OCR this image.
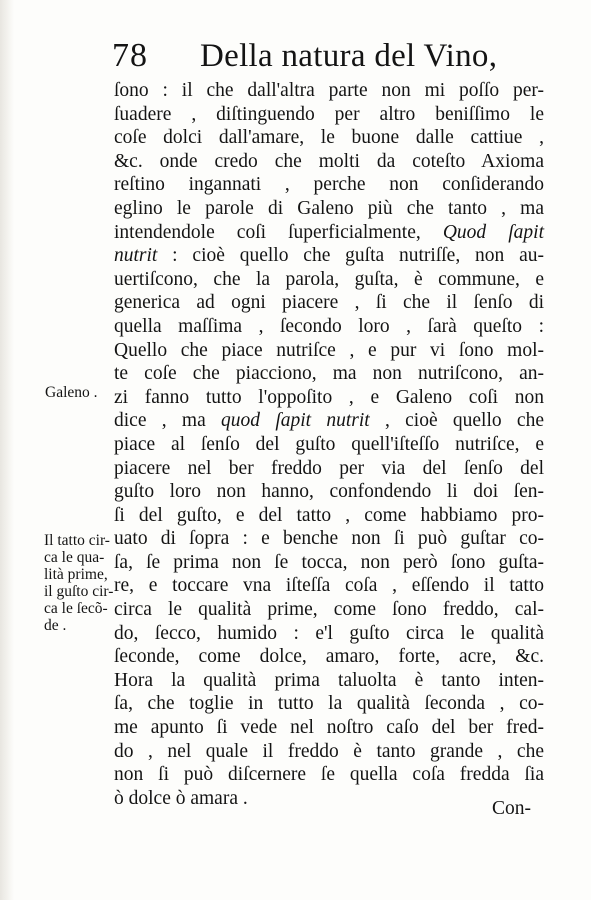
78 Della natura del Vino,
Galeno .
Il tatto cir-
ca le qua-
lità prime,
il guſto cir-
ca le ſecõ-
de .
ſono : il che dall'altra parte non mi poſſo per-
ſuadere , diſtinguendo per altro beniſſimo le
coſe dolci dall'amare, le buone dalle cattiue ,
&c. onde credo che molti da coteſto Axioma
reſtino ingannati , perche non conſiderando
eglino le parole di Galeno più che tanto , ma
intendendole coſi ſuperficialmente, Quod ſapit
nutrit : cioè quello che guſta nutriſſe, non au-
uertiſcono, che la parola, guſta, è commune, e
generica ad ogni piacere , ſi che il ſenſo di
quella maſſima , ſecondo loro , ſarà queſto :
Quello che piace nutriſce , e pur vi ſono mol-
te coſe che piacciono, ma non nutriſcono, an-
zi fanno tutto l'oppoſito , e Galeno coſi non
dice , ma quod ſapit nutrit , cioè quello che
piace al ſenſo del guſto quell'iſteſſo nutriſce, e
piacere nel ber freddo per via del ſenſo del
guſto loro non hanno, confondendo li doi ſen-
ſi del guſto, e del tatto , come habbiamo pro-
uato di ſopra : e benche non ſi può guſtar co-
ſa, ſe prima non ſe tocca, non però ſono guſta-
re, e toccare vna iſteſſa coſa , eſſendo il tatto
circa le qualità prime, come ſono freddo, cal-
do, ſecco, humido : e'l guſto circa le qualità
ſeconde, come dolce, amaro, forte, acre, &c.
Hora la qualità prima taluolta è tanto inten-
ſa, che toglie in tutto la qualità ſeconda , co-
me apunto ſi vede nel noſtro caſo del ber fred-
do , nel quale il freddo è tanto grande , che
non ſi può diſcernere ſe quella coſa fredda ſia
ò dolce ò amara .	Con-
